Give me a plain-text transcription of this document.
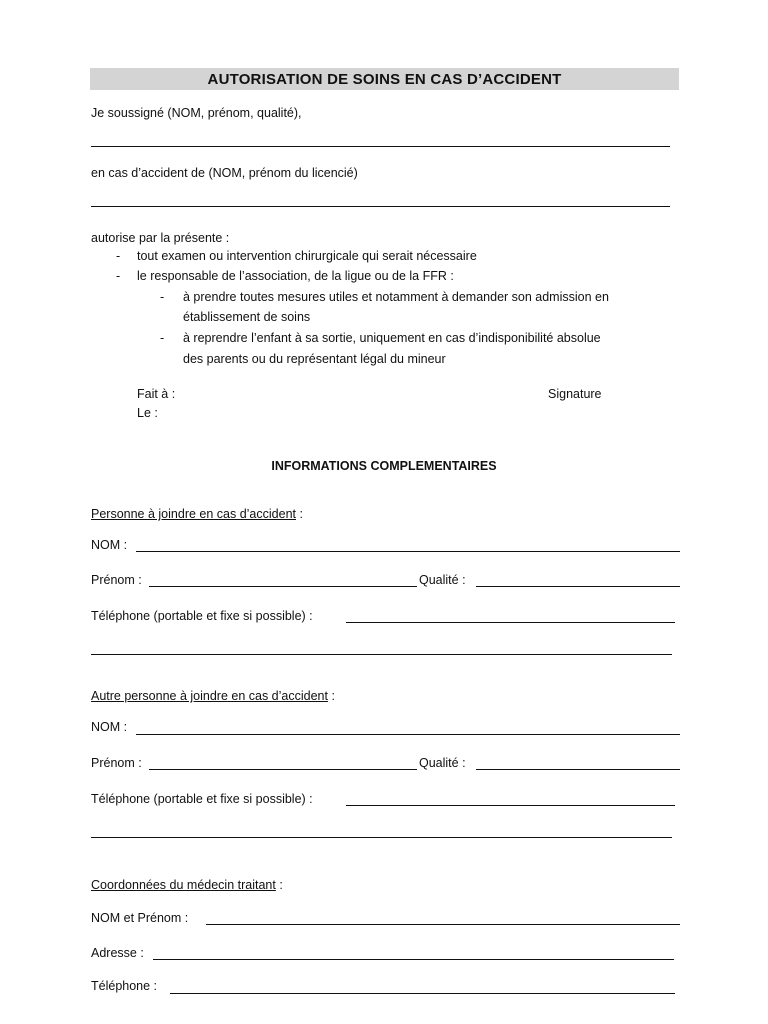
AUTORISATION DE SOINS EN CAS D’ACCIDENT
Je soussigné (NOM, prénom, qualité),
en cas d’accident de (NOM, prénom du licencié)
autorise par la présente :
- tout examen ou intervention chirurgicale qui serait nécessaire
- le responsable de l’association, de la ligue ou de la FFR :
- à prendre toutes mesures utiles et notamment à demander son admission en
établissement de soins
- à reprendre l’enfant à sa sortie, uniquement en cas d’indisponibilité absolue
des parents ou du représentant légal du mineur
Fait à :
Le :
Signature
INFORMATIONS COMPLEMENTAIRES
Personne à joindre en cas d’accident :
NOM :
Prénom :	Qualité :
Téléphone (portable et fixe si possible) :
Autre personne à joindre en cas d’accident :
NOM :
Prénom :	Qualité :
Téléphone (portable et fixe si possible) :
Coordonnées du médecin traitant :
NOM et Prénom :
Adresse :
Téléphone :
